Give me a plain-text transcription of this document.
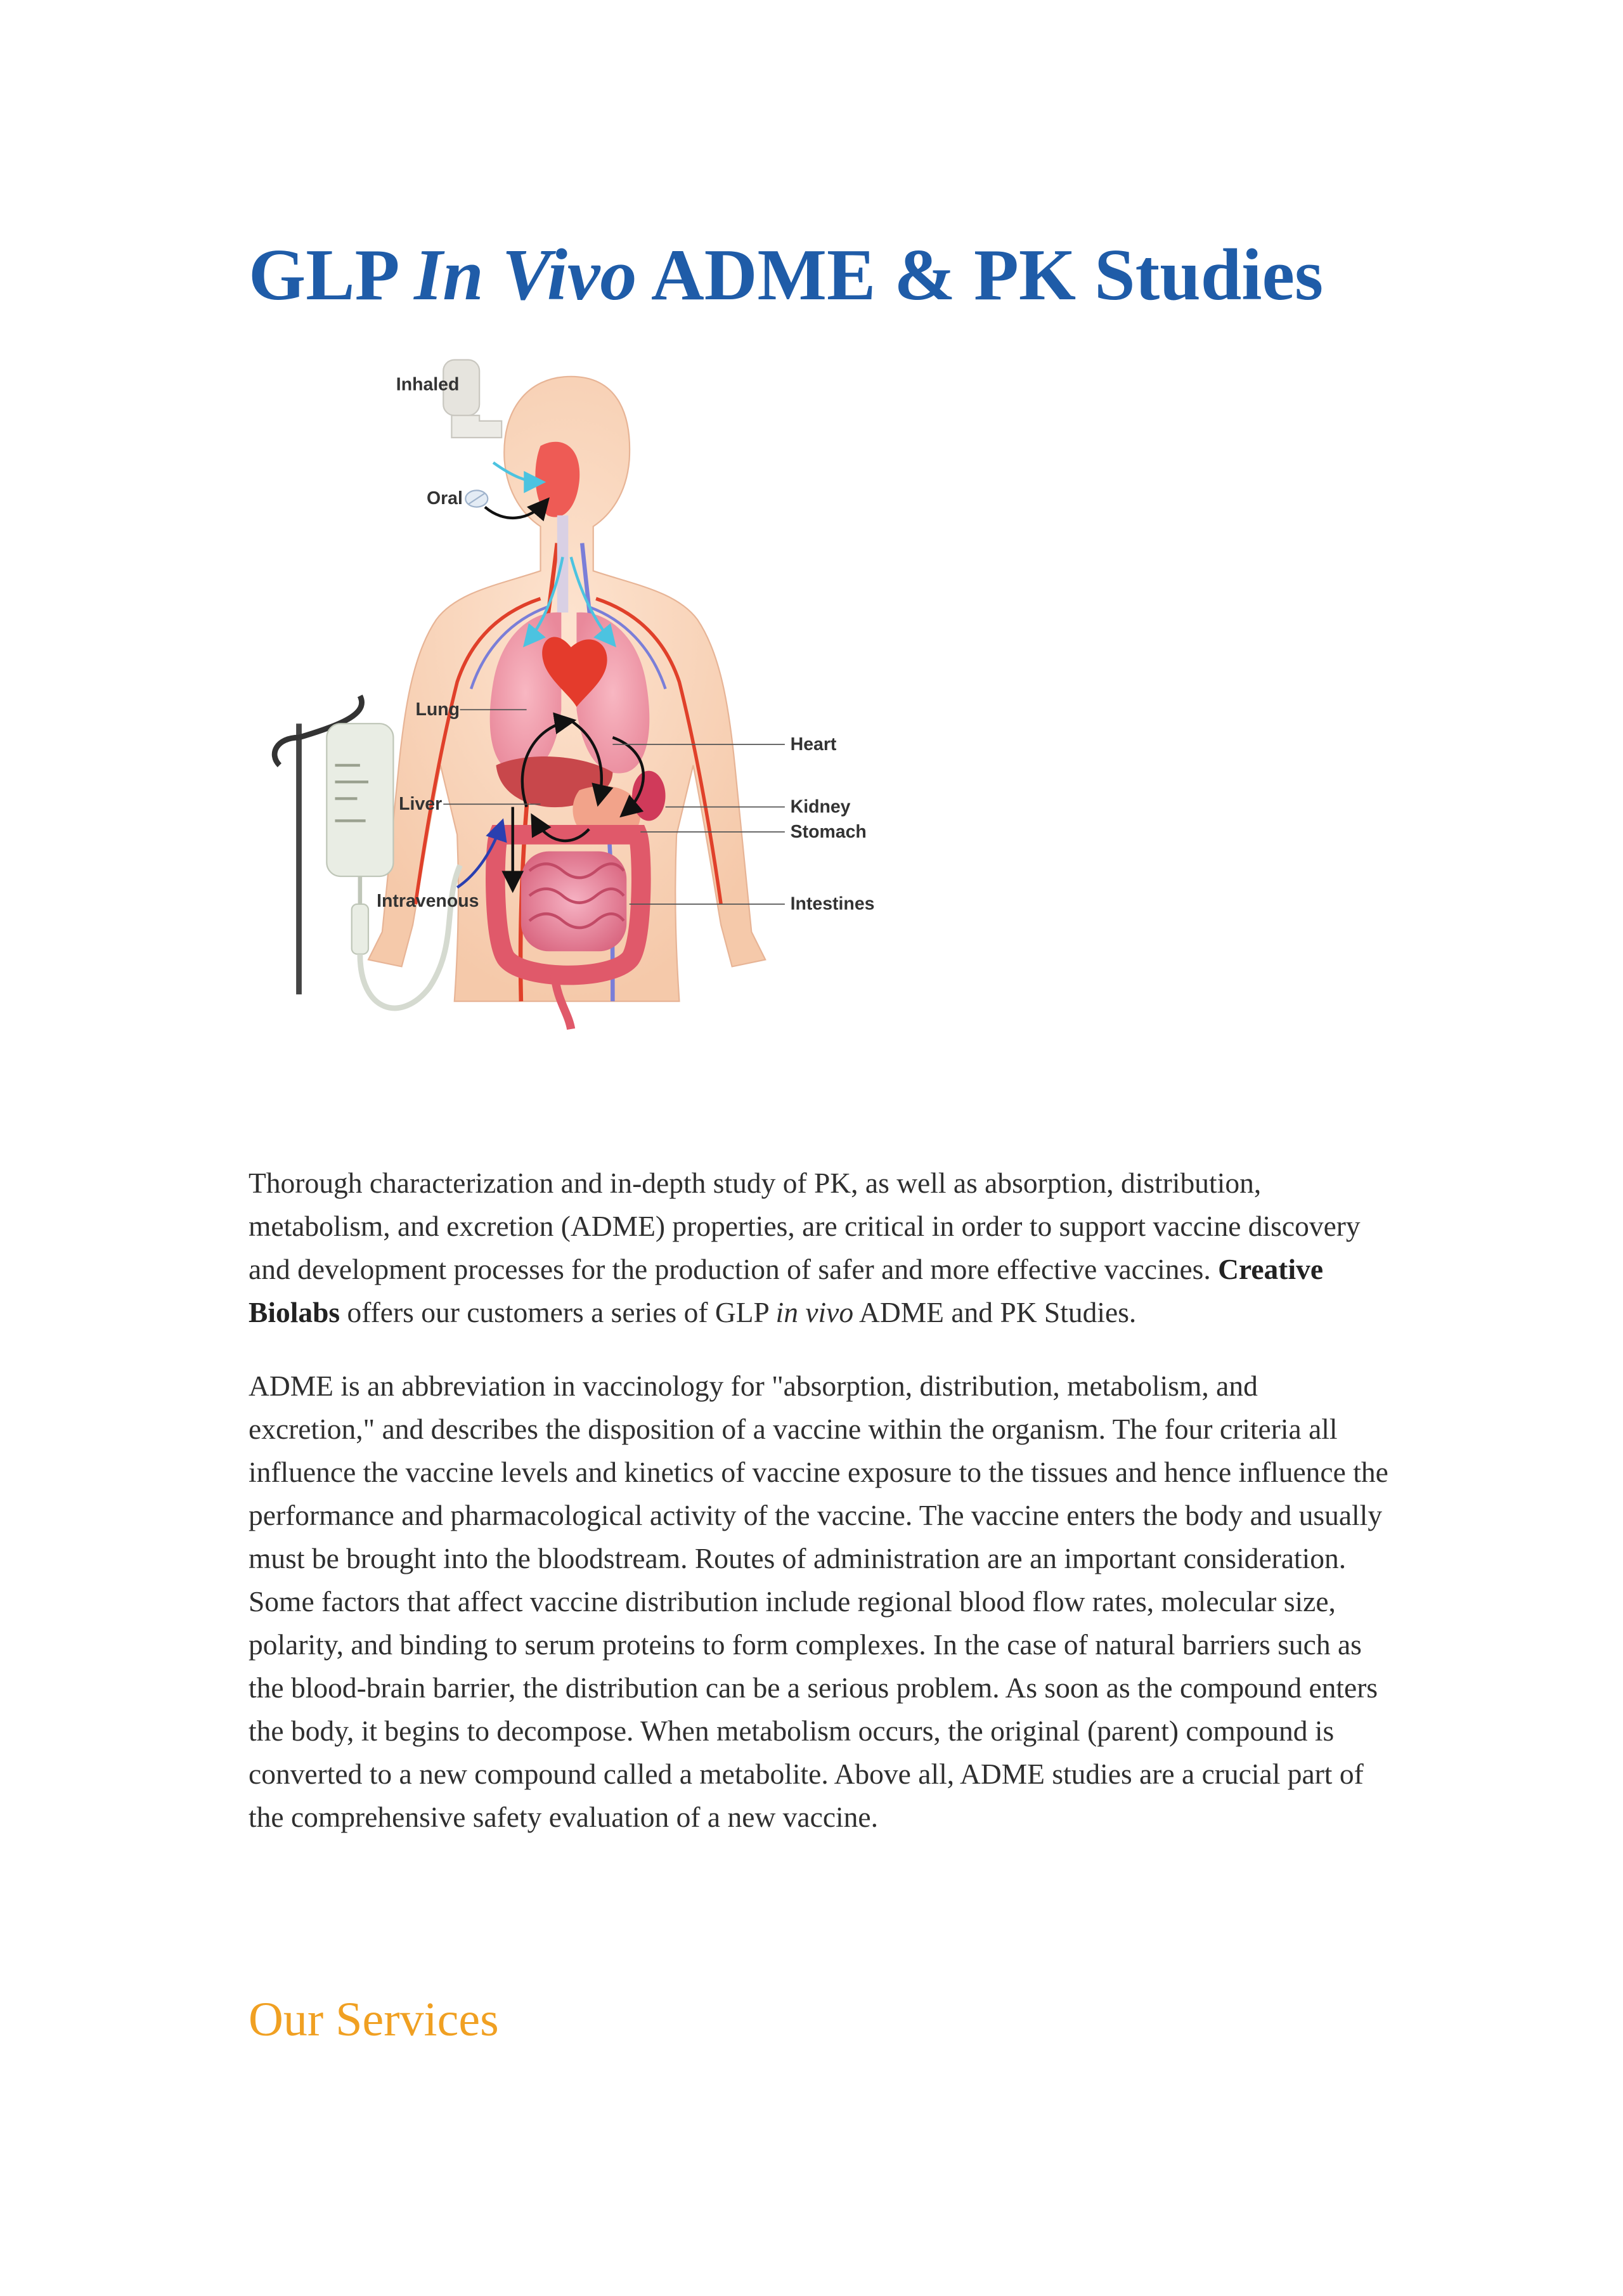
GLP In Vivo ADME & PK Studies
Inhaled
Oral
Lung
Liver
Intravenous
Heart
Kidney
Stomach
Intestines

Thorough characterization and in-depth study of PK, as well as absorption, distribution, metabolism, and excretion (ADME) properties, are critical in order to support vaccine discovery and development processes for the production of safer and more effective vaccines. Creative Biolabs offers our customers a series of GLP in vivo ADME and PK Studies.

ADME is an abbreviation in vaccinology for "absorption, distribution, metabolism, and excretion," and describes the disposition of a vaccine within the organism. The four criteria all influence the vaccine levels and kinetics of vaccine exposure to the tissues and hence influence the performance and pharmacological activity of the vaccine. The vaccine enters the body and usually must be brought into the bloodstream. Routes of administration are an important consideration. Some factors that affect vaccine distribution include regional blood flow rates, molecular size, polarity, and binding to serum proteins to form complexes. In the case of natural barriers such as the blood-brain barrier, the distribution can be a serious problem. As soon as the compound enters the body, it begins to decompose. When metabolism occurs, the original (parent) compound is converted to a new compound called a metabolite. Above all, ADME studies are a crucial part of the comprehensive safety evaluation of a new vaccine.

Our Services
